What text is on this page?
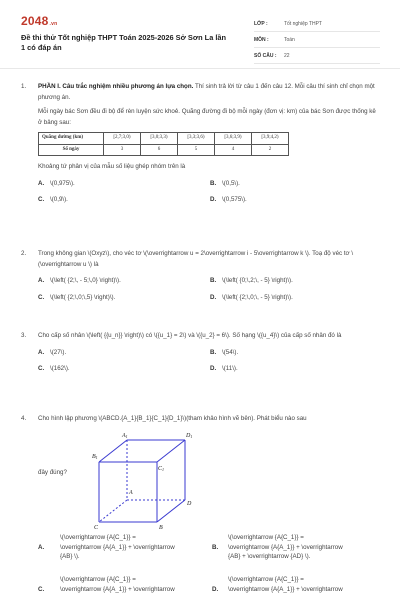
2048.vn
Đề thi thử Tốt nghiệp THPT Toán 2025-2026 Sở Sơn La lần 1 có đáp án
LỚP :	Tốt nghiệp THPT
MÔN :	Toán
SỐ CÂU :	22
1. PHẦN I. Câu trắc nghiệm nhiều phương án lựa chọn. Thí sinh trả lời từ câu 1 đến câu 12. Mỗi câu thí sinh chỉ chọn một phương án.

Mỗi ngày bác Sơn đều đi bộ để rèn luyện sức khoẻ. Quãng đường đi bộ mỗi ngày (đơn vị: km) của bác Sơn được thống kê ở bảng sau:

Quãng đường (km)	[2,7;3,0)	[3,0;3,3)	[3,3;3,6)	[3,6;3,9)	[3,9;4,2)
Số ngày	3	6	5	4	2

Khoảng tứ phân vị của mẫu số liệu ghép nhóm trên là

A. \(0,975\).	B. \(0,5\).
C. \(0,9\).	D. \(0,575\).
2. Trong không gian \(Oxyz\), cho véc tơ \(\overrightarrow u = 2\overrightarrow i - 5\overrightarrow k \). Toạ độ véc tơ \(\overrightarrow u \) là

A. \(\left( {2;\, - 5;\,0} \right)\).	B. \(\left( {0;\,2;\, - 5} \right)\).
C. \(\left( {2;\,0;\,5} \right)\).	D. \(\left( {2;\,0;\, - 5} \right)\).
3. Cho cấp số nhân \(\left( {{u_n}} \right)\) có \({u_1} = 2\) và \({u_2} = 6\). Số hạng \({u_4}\) của cấp số nhân đó là

A. \(27\).	B. \(54\).
C. \(162\).	D. \(11\).
4. Cho hình lập phương \(ABCD.{A_1}{B_1}{C_1}{D_1}\)(tham khảo hình vẽ bên). Phát biểu nào sau

đây đúng?
A1	D1
C1
B1
A
D
C	B
A.
\(\overrightarrow {A{C_1}} =
\overrightarrow {A{A_1}} + \overrightarrow
{AB} \).
B.
\(\overrightarrow {A{C_1}} =
\overrightarrow {A{A_1}} + \overrightarrow
{AB} + \overrightarrow {AD} \).
C.
\(\overrightarrow {A{C_1}} =
\overrightarrow {A{A_1}} + \overrightarrow	D.
\(\overrightarrow {A{C_1}} =
\overrightarrow {A{A_1}} + \overrightarrow
